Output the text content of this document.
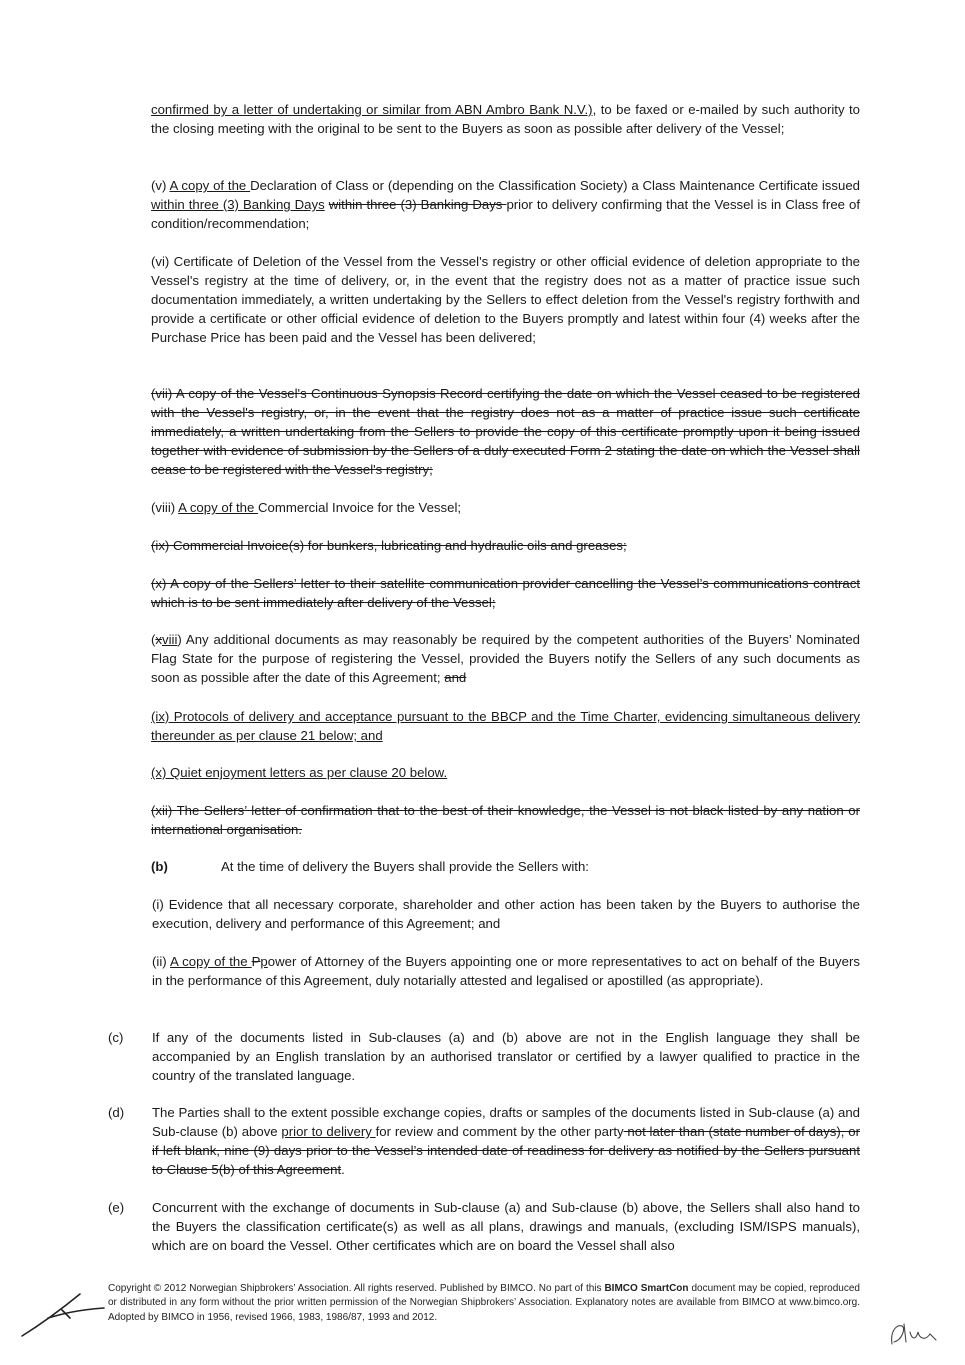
confirmed by a letter of undertaking or similar from ABN Ambro Bank N.V.), to be faxed or e-mailed by such authority to the closing meeting with the original to be sent to the Buyers as soon as possible after delivery of the Vessel;

(v) A copy of the Declaration of Class or (depending on the Classification Society) a Class Maintenance Certificate issued within three (3) Banking Days within three (3) Banking Days prior to delivery confirming that the Vessel is in Class free of condition/recommendation;

(vi) Certificate of Deletion of the Vessel from the Vessel's registry or other official evidence of deletion appropriate to the Vessel's registry at the time of delivery, or, in the event that the registry does not as a matter of practice issue such documentation immediately, a written undertaking by the Sellers to effect deletion from the Vessel's registry forthwith and provide a certificate or other official evidence of deletion to the Buyers promptly and latest within four (4) weeks after the Purchase Price has been paid and the Vessel has been delivered;

(vii) A copy of the Vessel's Continuous Synopsis Record certifying the date on which the Vessel ceased to be registered with the Vessel's registry, or, in the event that the registry does not as a matter of practice issue such certificate immediately, a written undertaking from the Sellers to provide the copy of this certificate promptly upon it being issued together with evidence of submission by the Sellers of a duly executed Form 2 stating the date on which the Vessel shall cease to be registered with the Vessel's registry;

(viii) A copy of the Commercial Invoice for the Vessel;

(ix) Commercial Invoice(s) for bunkers, lubricating and hydraulic oils and greases;

(x) A copy of the Sellers’ letter to their satellite communication provider cancelling the Vessel’s communications contract which is to be sent immediately after delivery of the Vessel;

(xviii) Any additional documents as may reasonably be required by the competent authorities of the Buyers’ Nominated Flag State for the purpose of registering the Vessel, provided the Buyers notify the Sellers of any such documents as soon as possible after the date of this Agreement; and

(ix) Protocols of delivery and acceptance pursuant to the BBCP and the Time Charter, evidencing simultaneous delivery thereunder as per clause 21 below; and

(x) Quiet enjoyment letters as per clause 20 below.

(xii) The Sellers’ letter of confirmation that to the best of their knowledge, the Vessel is not black listed by any nation or international organisation.

(b)	At the time of delivery the Buyers shall provide the Sellers with:

(i) Evidence that all necessary corporate, shareholder and other action has been taken by the Buyers to authorise the execution, delivery and performance of this Agreement; and

(ii) A copy of the Ppower of Attorney of the Buyers appointing one or more representatives to act on behalf of the Buyers in the performance of this Agreement, duly notarially attested and legalised or apostilled (as appropriate).

(c) If any of the documents listed in Sub-clauses (a) and (b) above are not in the English language they shall be accompanied by an English translation by an authorised translator or certified by a lawyer qualified to practice in the country of the translated language.

(d) The Parties shall to the extent possible exchange copies, drafts or samples of the documents listed in Sub-clause (a) and Sub-clause (b) above prior to delivery for review and comment by the other party not later than (state number of days), or if left blank, nine (9) days prior to the Vessel’s intended date of readiness for delivery as notified by the Sellers pursuant to Clause 5(b) of this Agreement.

(e) Concurrent with the exchange of documents in Sub-clause (a) and Sub-clause (b) above, the Sellers shall also hand to the Buyers the classification certificate(s) as well as all plans, drawings and manuals, (excluding ISM/ISPS manuals), which are on board the Vessel. Other certificates which are on board the Vessel shall also

Copyright © 2012 Norwegian Shipbrokers’ Association. All rights reserved. Published by BIMCO. No part of this BIMCO SmartCon document may be copied, reproduced or distributed in any form without the prior written permission of the Norwegian Shipbrokers’ Association. Explanatory notes are available from BIMCO at www.bimco.org. Adopted by BIMCO in 1956, revised 1966, 1983, 1986/87, 1993 and 2012.
